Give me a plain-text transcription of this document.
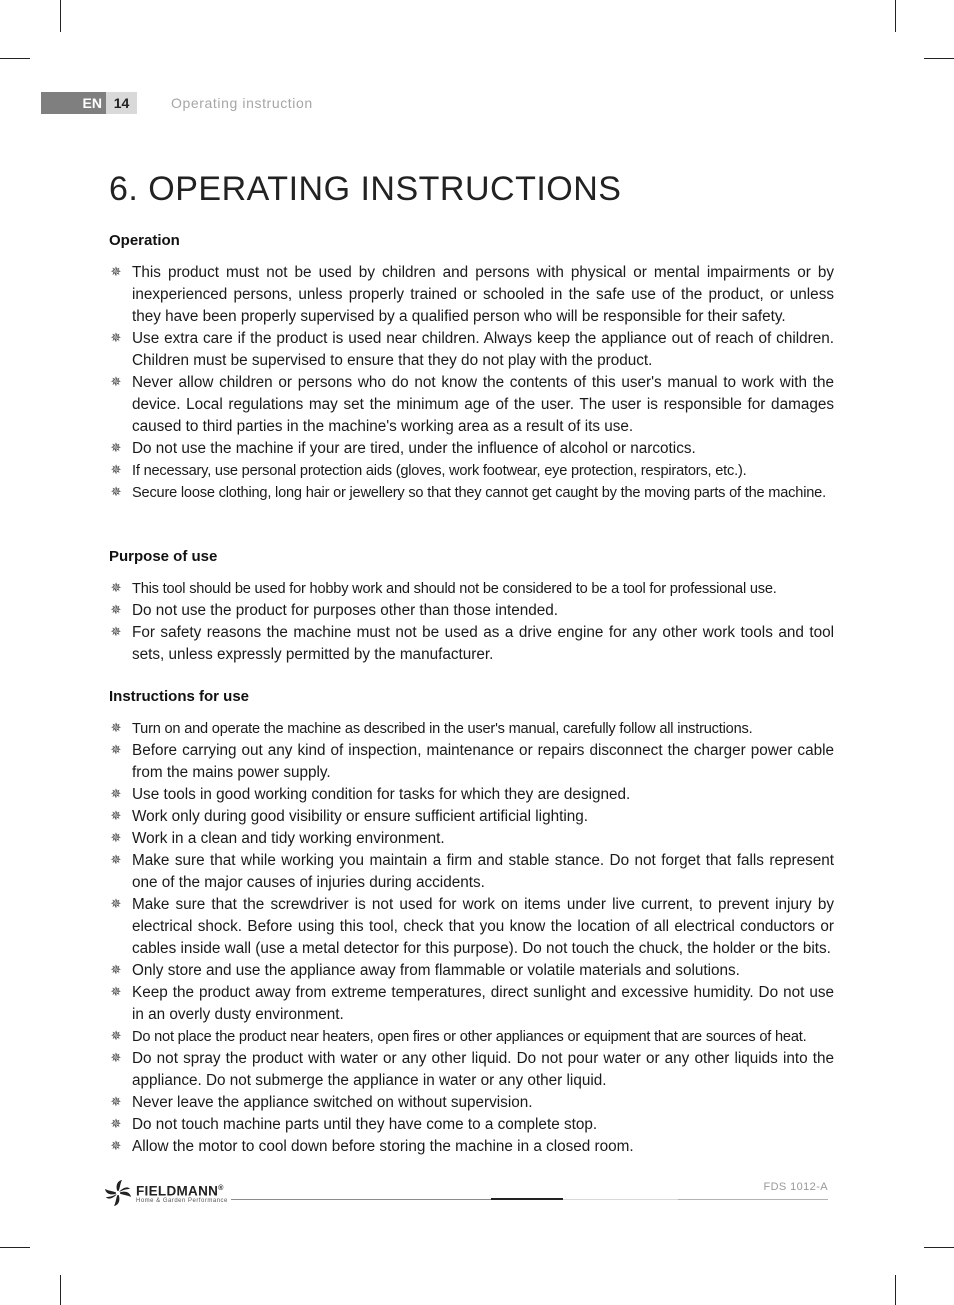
EN 14	Operating instruction
6. OPERATING INSTRUCTIONS
Operation
✵ This product must not be used by children and persons with physical or mental impairments or by inexperienced persons, unless properly trained or schooled in the safe use of the product, or unless they have been properly supervised by a qualified person who will be responsible for their safety.
✵ Use extra care if the product is used near children. Always keep the appliance out of reach of children. Children must be supervised to ensure that they do not play with the product.
✵ Never allow children or persons who do not know the contents of this user's manual to work with the device. Local regulations may set the minimum age of the user. The user is responsible for damages caused to third parties in the machine's working area as a result of its use.
✵ Do not use the machine if your are tired, under the influence of alcohol or narcotics.
✵ If necessary, use personal protection aids (gloves, work footwear, eye protection, respirators, etc.).
✵ Secure loose clothing, long hair or jewellery so that they cannot get caught by the moving parts of the machine.
Purpose of use
✵ This tool should be used for hobby work and should not be considered to be a tool for professional use.
✵ Do not use the product for purposes other than those intended.
✵ For safety reasons the machine must not be used as a drive engine for any other work tools and tool sets, unless expressly permitted by the manufacturer.
Instructions for use
✵ Turn on and operate the machine as described in the user's manual, carefully follow all instructions.
✵ Before carrying out any kind of inspection, maintenance or repairs disconnect the charger power cable from the mains power supply.
✵ Use tools in good working condition for tasks for which they are designed.
✵ Work only during good visibility or ensure sufficient artificial lighting.
✵ Work in a clean and tidy working environment.
✵ Make sure that while working you maintain a firm and stable stance. Do not forget that falls represent one of the major causes of injuries during accidents.
✵ Make sure that the screwdriver is not used for work on items under live current, to prevent injury by electrical shock. Before using this tool, check that you know the location of all electrical conductors or cables inside wall (use a metal detector for this purpose). Do not touch the chuck, the holder or the bits.
✵ Only store and use the appliance away from flammable or volatile materials and solutions.
✵ Keep the product away from extreme temperatures, direct sunlight and excessive humidity. Do not use in an overly dusty environment.
✵ Do not place the product near heaters, open fires or other appliances or equipment that are sources of heat.
✵ Do not spray the product with water or any other liquid. Do not pour water or any other liquids into the appliance. Do not submerge the appliance in water or any other liquid.
✵ Never leave the appliance switched on without supervision.
✵ Do not touch machine parts until they have come to a complete stop.
✵ Allow the motor to cool down before storing the machine in a closed room.
FIELDMANN®
Home & Garden Performance
FDS 1012-A
